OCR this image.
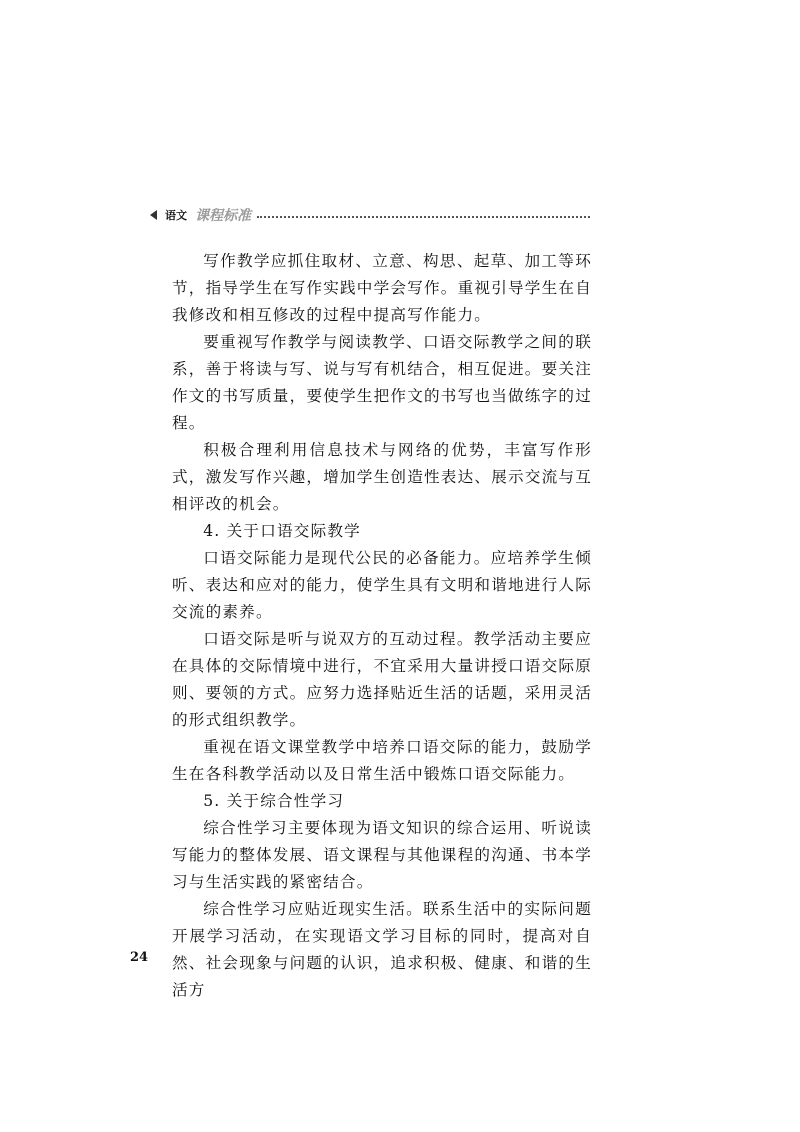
语文 课程标准

写作教学应抓住取材、立意、构思、起草、加工等环节，指导学生在写作实践中学会写作。重视引导学生在自我修改和相互修改的过程中提高写作能力。

要重视写作教学与阅读教学、口语交际教学之间的联系，善于将读与写、说与写有机结合，相互促进。要关注作文的书写质量，要使学生把作文的书写也当做练字的过程。

积极合理利用信息技术与网络的优势，丰富写作形式，激发写作兴趣，增加学生创造性表达、展示交流与互相评改的机会。

4. 关于口语交际教学

口语交际能力是现代公民的必备能力。应培养学生倾听、表达和应对的能力，使学生具有文明和谐地进行人际交流的素养。

口语交际是听与说双方的互动过程。教学活动主要应在具体的交际情境中进行，不宜采用大量讲授口语交际原则、要领的方式。应努力选择贴近生活的话题，采用灵活的形式组织教学。

重视在语文课堂教学中培养口语交际的能力，鼓励学生在各科教学活动以及日常生活中锻炼口语交际能力。

5. 关于综合性学习

综合性学习主要体现为语文知识的综合运用、听说读写能力的整体发展、语文课程与其他课程的沟通、书本学习与生活实践的紧密结合。

综合性学习应贴近现实生活。联系生活中的实际问题开展学习活动，在实现语文学习目标的同时，提高对自然、社会现象与问题的认识，追求积极、健康、和谐的生活方

24
